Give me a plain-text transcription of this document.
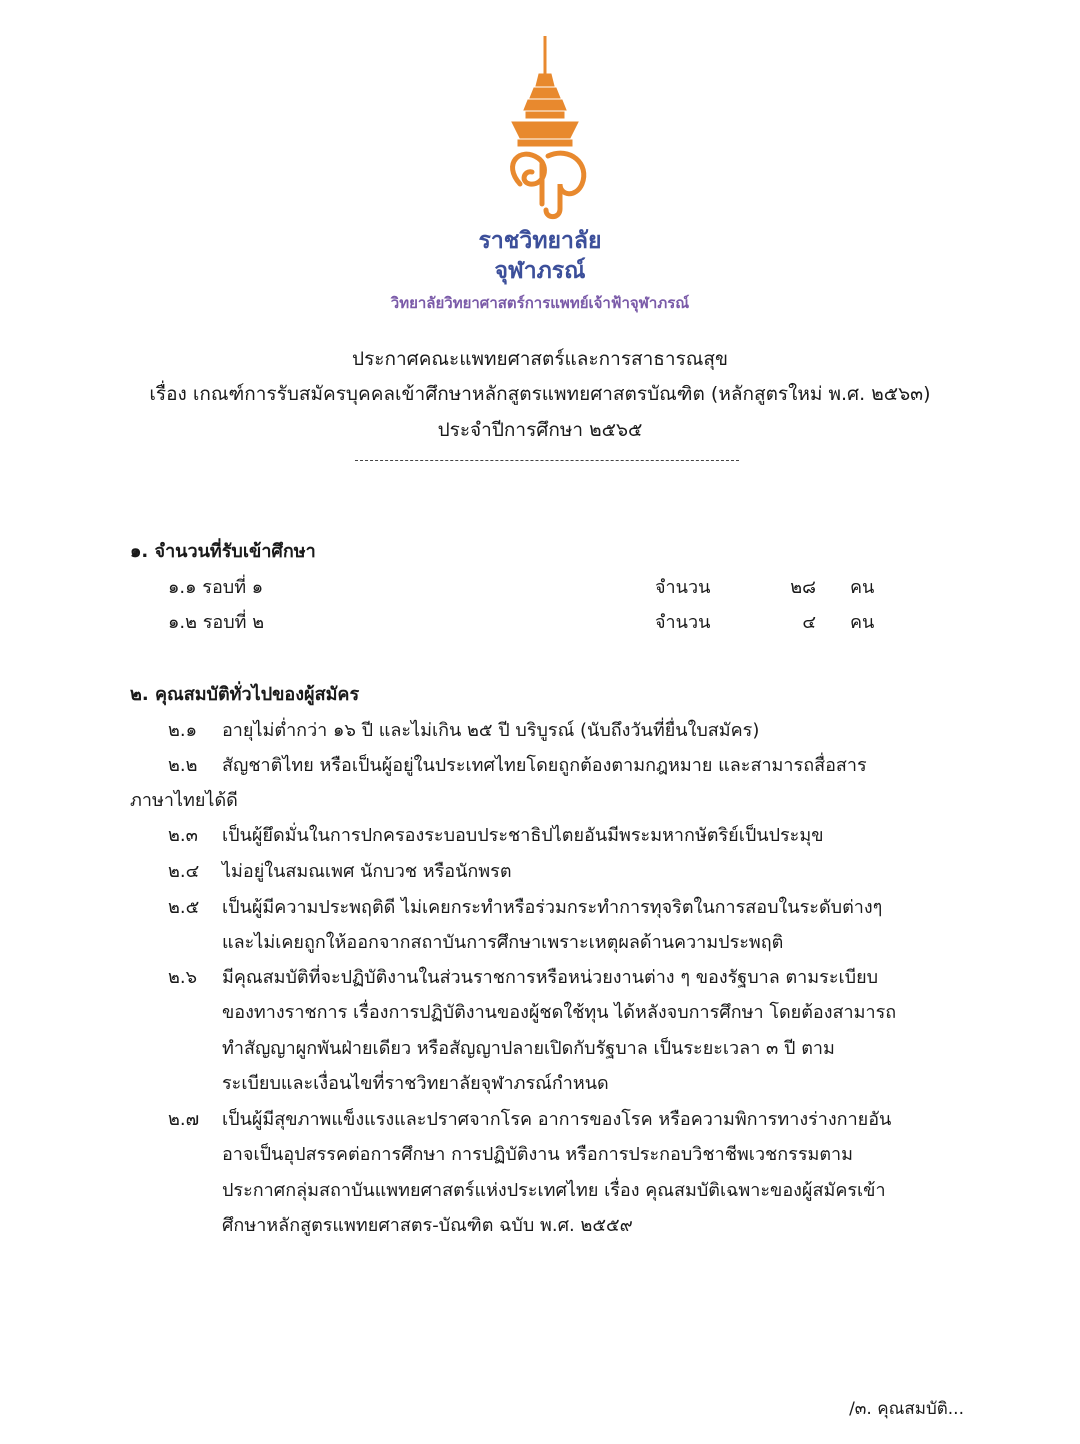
ราชวิทยาลัย
จุฬาภรณ์
วิทยาลัยวิทยาศาสตร์การแพทย์เจ้าฟ้าจุฬาภรณ์
ประกาศคณะแพทยศาสตร์และการสาธารณสุข
เรื่อง เกณฑ์การรับสมัครบุคคลเข้าศึกษาหลักสูตรแพทยศาสตรบัณฑิต (หลักสูตรใหม่ พ.ศ. ๒๕๖๓)
ประจำปีการศึกษา ๒๕๖๕
๑. จำนวนที่รับเข้าศึกษา
๑.๑ รอบที่ ๑	จำนวน	๒๘ คน
๑.๒ รอบที่ ๒	จำนวน	๔ คน
๒. คุณสมบัติทั่วไปของผู้สมัคร
๒.๑ อายุไม่ต่ำกว่า ๑๖ ปี และไม่เกิน ๒๕ ปี บริบูรณ์ (นับถึงวันที่ยื่นใบสมัคร)
๒.๒ สัญชาติไทย หรือเป็นผู้อยู่ในประเทศไทยโดยถูกต้องตามกฎหมาย และสามารถสื่อสาร
ภาษาไทยได้ดี
๒.๓ เป็นผู้ยึดมั่นในการปกครองระบอบประชาธิปไตยอันมีพระมหากษัตริย์เป็นประมุข
๒.๔ ไม่อยู่ในสมณเพศ นักบวช หรือนักพรต
๒.๕ เป็นผู้มีความประพฤติดี ไม่เคยกระทำหรือร่วมกระทำการทุจริตในการสอบในระดับต่างๆ
และไม่เคยถูกให้ออกจากสถาบันการศึกษาเพราะเหตุผลด้านความประพฤติ
๒.๖ มีคุณสมบัติที่จะปฏิบัติงานในส่วนราชการหรือหน่วยงานต่าง ๆ ของรัฐบาล ตามระเบียบ
ของทางราชการ เรื่องการปฏิบัติงานของผู้ชดใช้ทุน ได้หลังจบการศึกษา โดยต้องสามารถ
ทำสัญญาผูกพันฝ่ายเดียว หรือสัญญาปลายเปิดกับรัฐบาล เป็นระยะเวลา ๓ ปี ตาม
ระเบียบและเงื่อนไขที่ราชวิทยาลัยจุฬาภรณ์กำหนด
๒.๗ เป็นผู้มีสุขภาพแข็งแรงและปราศจากโรค อาการของโรค หรือความพิการทางร่างกายอัน
อาจเป็นอุปสรรคต่อการศึกษา การปฏิบัติงาน หรือการประกอบวิชาชีพเวชกรรมตาม
ประกาศกลุ่มสถาบันแพทยศาสตร์แห่งประเทศไทย เรื่อง คุณสมบัติเฉพาะของผู้สมัครเข้า
ศึกษาหลักสูตรแพทยศาสตร-บัณฑิต ฉบับ พ.ศ. ๒๕๕๙
/๓. คุณสมบัติ...
